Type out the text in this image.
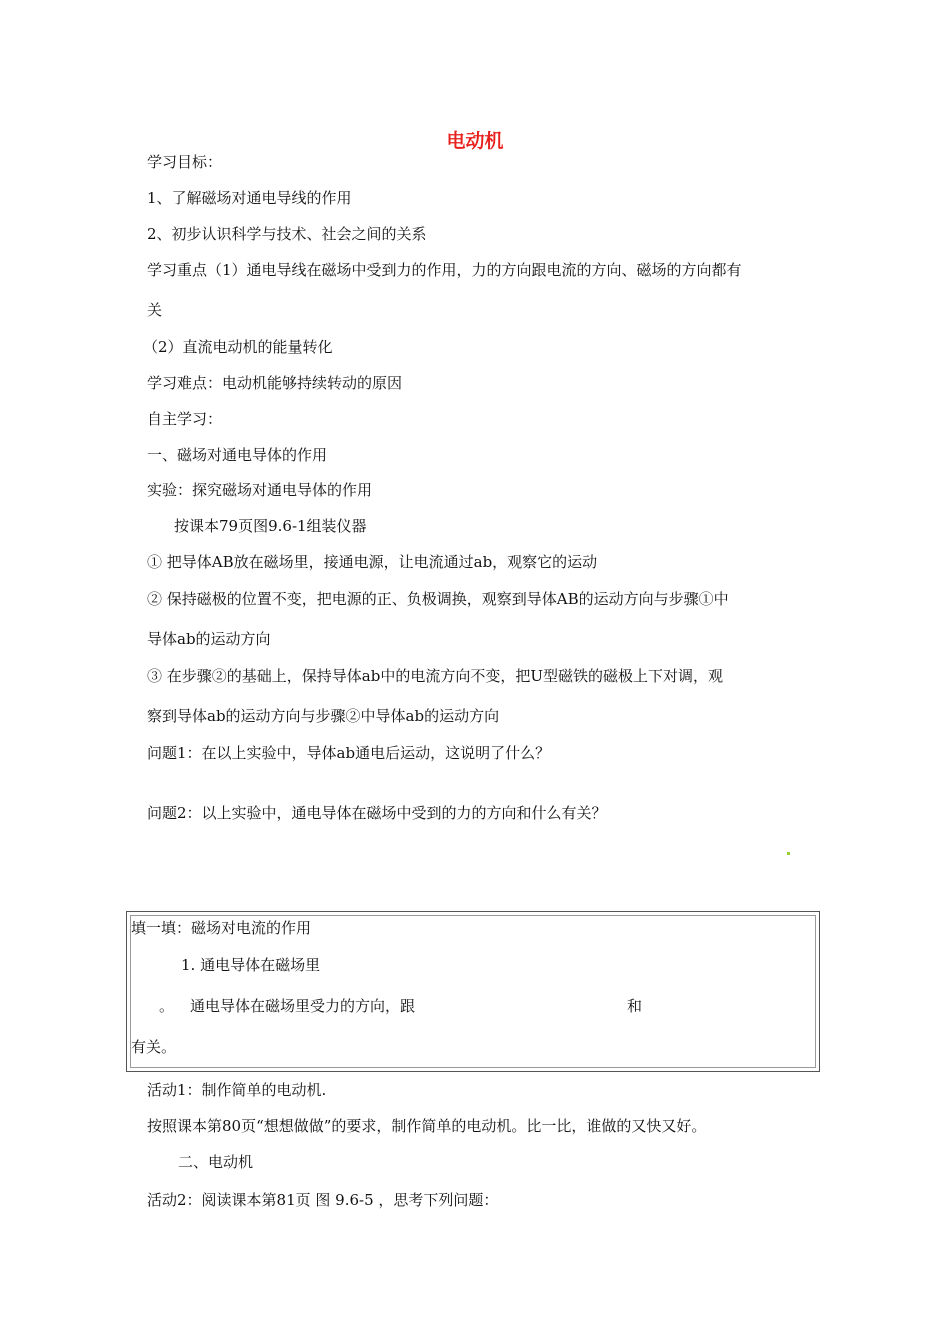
电动机
学习目标：
1、了解磁场对通电导线的作用
2、初步认识科学与技术、社会之间的关系
学习重点（1）通电导线在磁场中受到力的作用，力的方向跟电流的方向、磁场的方向都有
关
（2）直流电动机的能量转化
学习难点：电动机能够持续转动的原因
自主学习：
一、磁场对通电导体的作用
实验：探究磁场对通电导体的作用
按课本79页图9.6-1组装仪器
① 把导体AB放在磁场里，接通电源，让电流通过ab，观察它的运动
② 保持磁极的位置不变，把电源的正、负极调换，观察到导体AB的运动方向与步骤①中
导体ab的运动方向
③ 在步骤②的基础上，保持导体ab中的电流方向不变，把U型磁铁的磁极上下对调，观
察到导体ab的运动方向与步骤②中导体ab的运动方向
问题1：在以上实验中，导体ab通电后运动，这说明了什么？
问题2：以上实验中，通电导体在磁场中受到的力的方向和什么有关？
填一填：磁场对电流的作用
1. 通电导体在磁场里
。 通电导体在磁场里受力的方向，跟	和
有关。
活动1：制作简单的电动机.
按照课本第80页“想想做做”的要求，制作简单的电动机。比一比，谁做的又快又好。
二、电动机
活动2：阅读课本第81页 图 9.6-5 ，思考下列问题：
